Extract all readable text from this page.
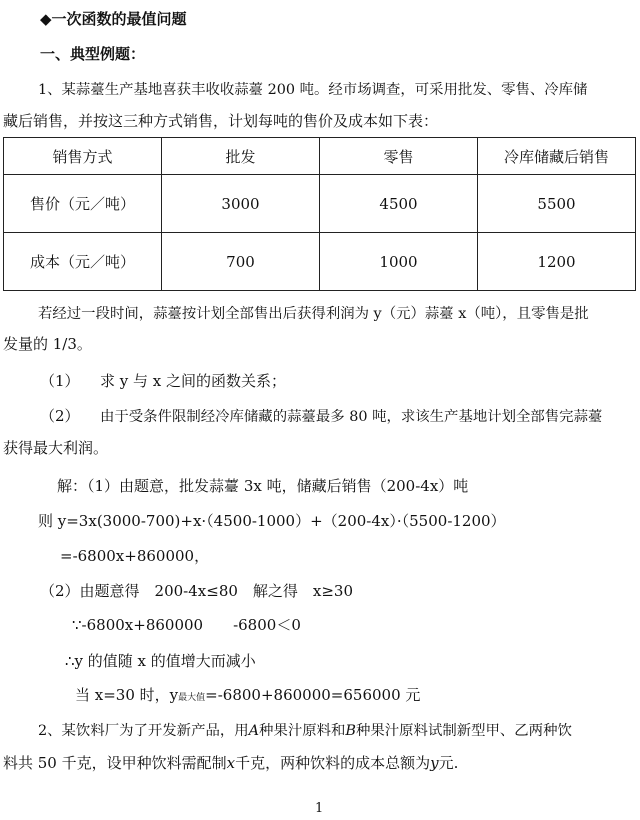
◆一次函数的最值问题
一、典型例题：
1、某蒜薹生产基地喜获丰收收蒜薹 200 吨。经市场调查，可采用批发、零售、冷库储
藏后销售，并按这三种方式销售，计划每吨的售价及成本如下表：
销售方式	批发	零售	冷库储藏后销售
售价（元／吨）	3000	4500	5500
成本（元／吨）	700	1000	1200
若经过一段时间，蒜薹按计划全部售出后获得利润为 y（元）蒜薹 x（吨），且零售是批
发量的 1/3。
（1） 求 y 与 x 之间的函数关系；
（2） 由于受条件限制经冷库储藏的蒜薹最多 80 吨，求该生产基地计划全部售完蒜薹
获得最大利润。
解：（1）由题意，批发蒜薹 3x 吨，储藏后销售（200-4x）吨
则 y=3x(3000-700)+x·（4500-1000）+（200-4x）·（5500-1200）
=-6800x+860000，
（2）由题意得　200-4x≤80　解之得　x≥30
∵-6800x+860000　　-6800＜0
∴y 的值随 x 的值增大而减小
当 x=30 时，y最大值=-6800+860000=656000 元
2、某饮料厂为了开发新产品，用A种果汁原料和B种果汁原料试制新型甲、乙两种饮
料共 50 千克，设甲种饮料需配制x千克，两种饮料的成本总额为y元.
1
